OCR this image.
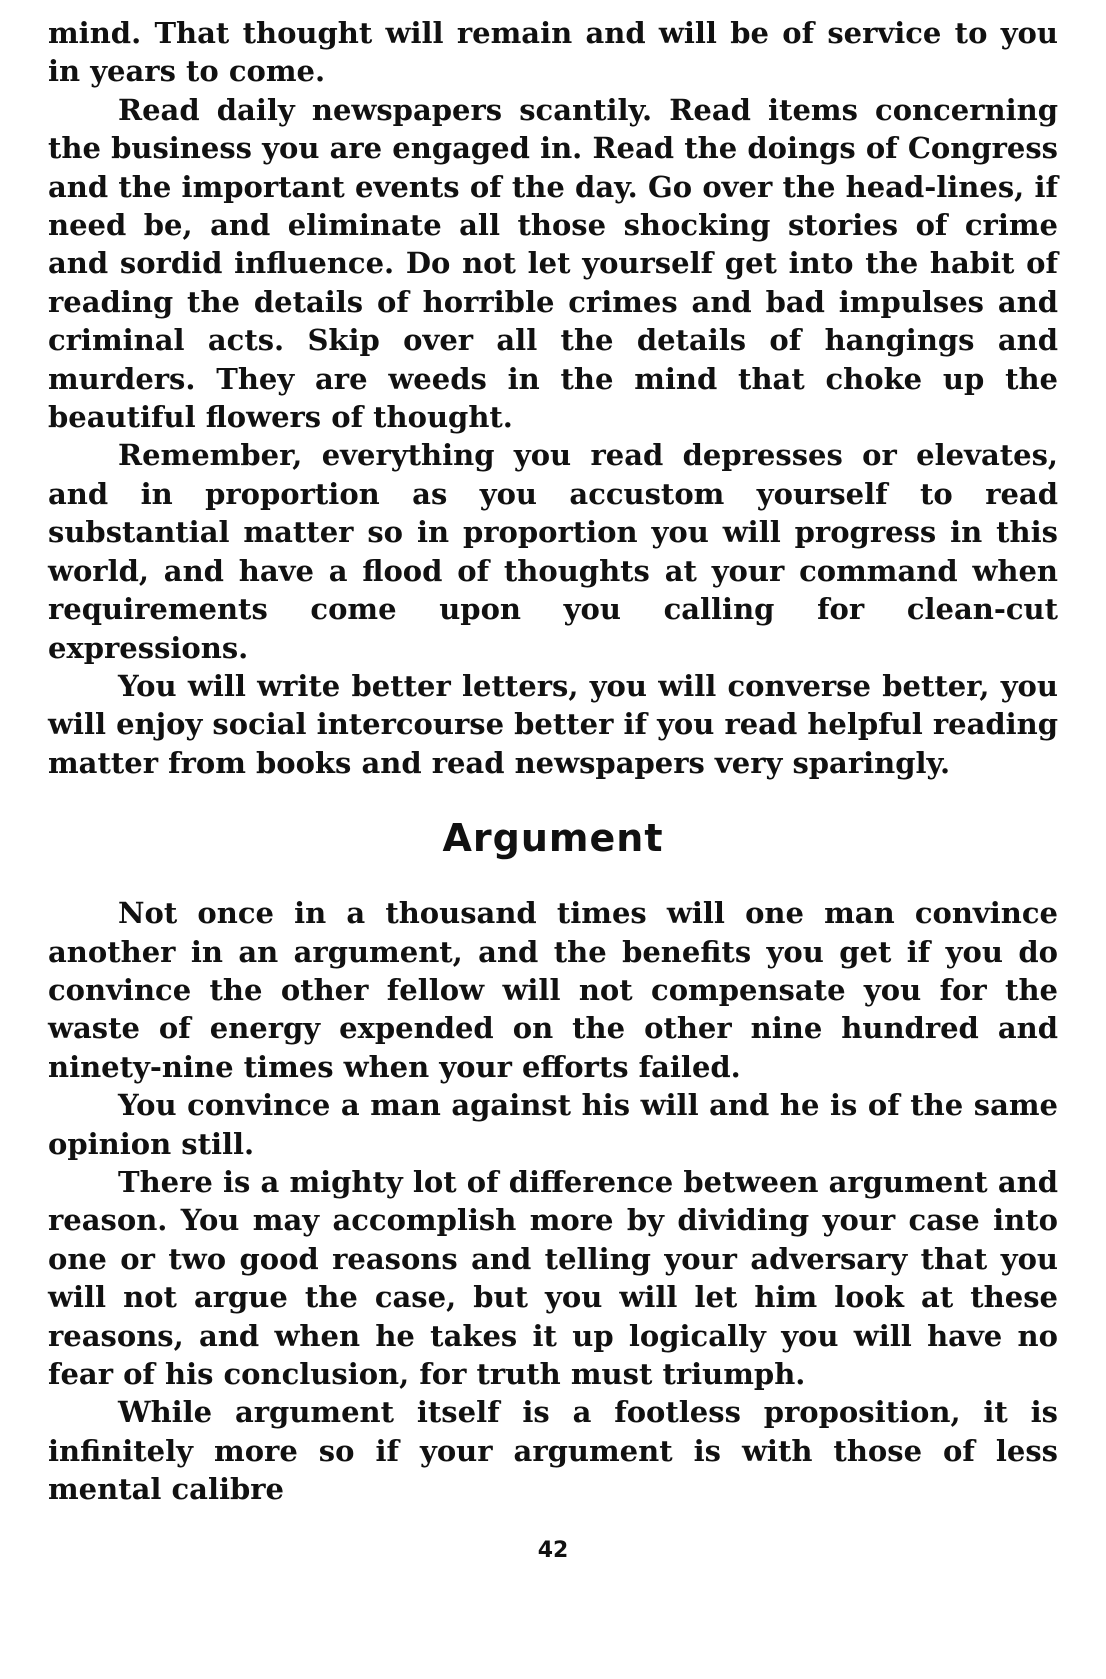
mind. That thought will remain and will be of service to you in years to come.

Read daily newspapers scantily. Read items concerning the business you are engaged in. Read the doings of Congress and the important events of the day. Go over the head-lines, if need be, and eliminate all those shocking stories of crime and sordid influence. Do not let yourself get into the habit of reading the details of horrible crimes and bad impulses and criminal acts. Skip over all the details of hangings and murders. They are weeds in the mind that choke up the beautiful flowers of thought.

Remember, everything you read depresses or elevates, and in proportion as you accustom yourself to read substantial matter so in proportion you will progress in this world, and have a flood of thoughts at your command when requirements come upon you calling for clean-cut expressions.

You will write better letters, you will converse better, you will enjoy social intercourse better if you read helpful reading matter from books and read newspapers very sparingly.

Argument

Not once in a thousand times will one man convince another in an argument, and the benefits you get if you do convince the other fellow will not compensate you for the waste of energy expended on the other nine hundred and ninety-nine times when your efforts failed.

You convince a man against his will and he is of the same opinion still.

There is a mighty lot of difference between argument and reason. You may accomplish more by dividing your case into one or two good reasons and telling your adversary that you will not argue the case, but you will let him look at these reasons, and when he takes it up logically you will have no fear of his conclusion, for truth must triumph.

While argument itself is a footless proposition, it is infinitely more so if your argument is with those of less mental calibre

42
